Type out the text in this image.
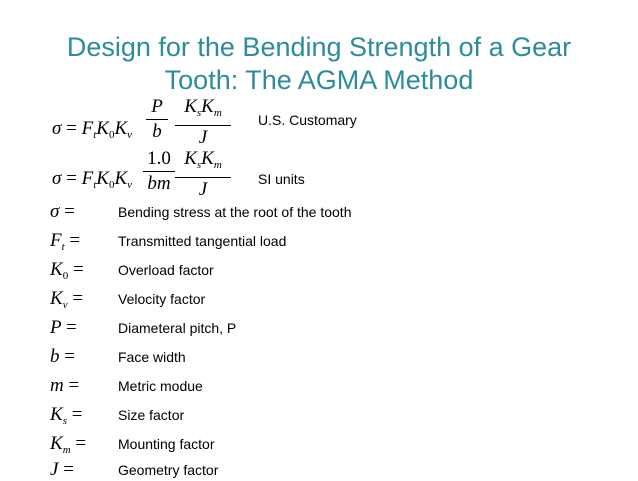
Design for the Bending Strength of a Gear
Tooth: The AGMA Method
$\sigma = F_tK_0K_v$
P
b
$K_sK_m$
J
U.S. Customary
$\sigma = F_tK_0K_v$
1.0
bm
$K_sK_m$
J	SI units
σ =	Bending stress at the root of the tooth
$F_t$ =	Transmitted tangential load
$K_0$ = Overload factor
$K_v$ = Velocity factor
P =	Diameteral pitch, P
b =	Face width
m =	Metric modue
$K_s$ =	Size factor
$K_m$ = Mounting factor
J =	Geometry factor
